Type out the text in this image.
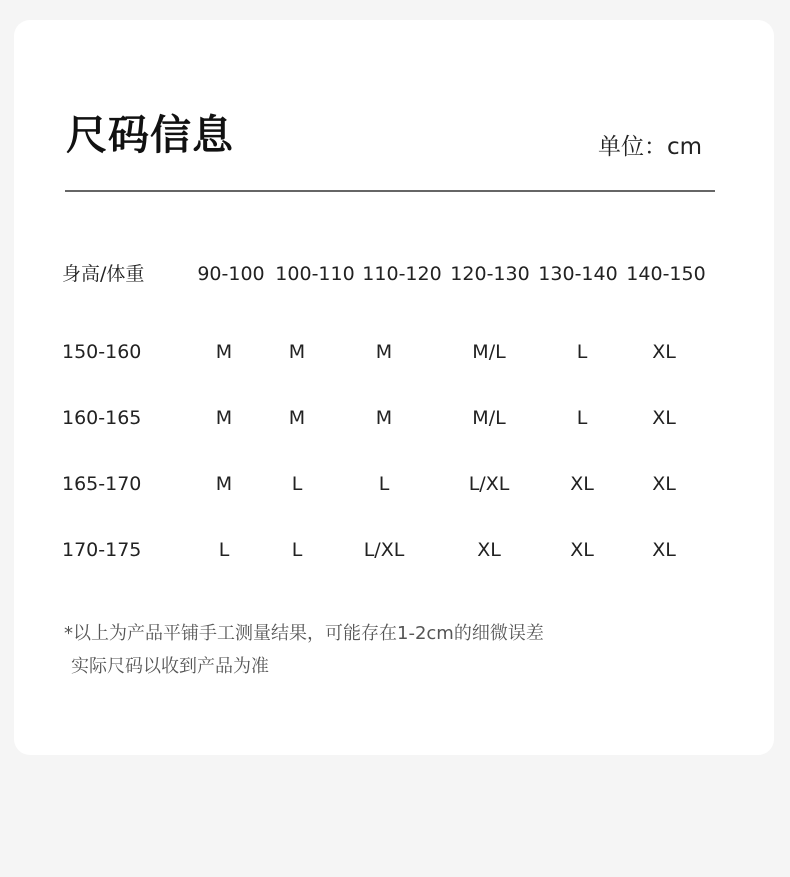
尺码信息	单位：cm
身高/体重	90-100 100-110 110-120 120-130 130-140 140-150
150-160	M	M	M	M/L	L	XL
160-165	M	M	M	M/L	L	XL
165-170	M	L	L	L/XL	XL	XL
170-175	L	L	L/XL	XL	XL	XL
*以上为产品平铺手工测量结果，可能存在1-2cm的细微误差
实际尺码以收到产品为准
